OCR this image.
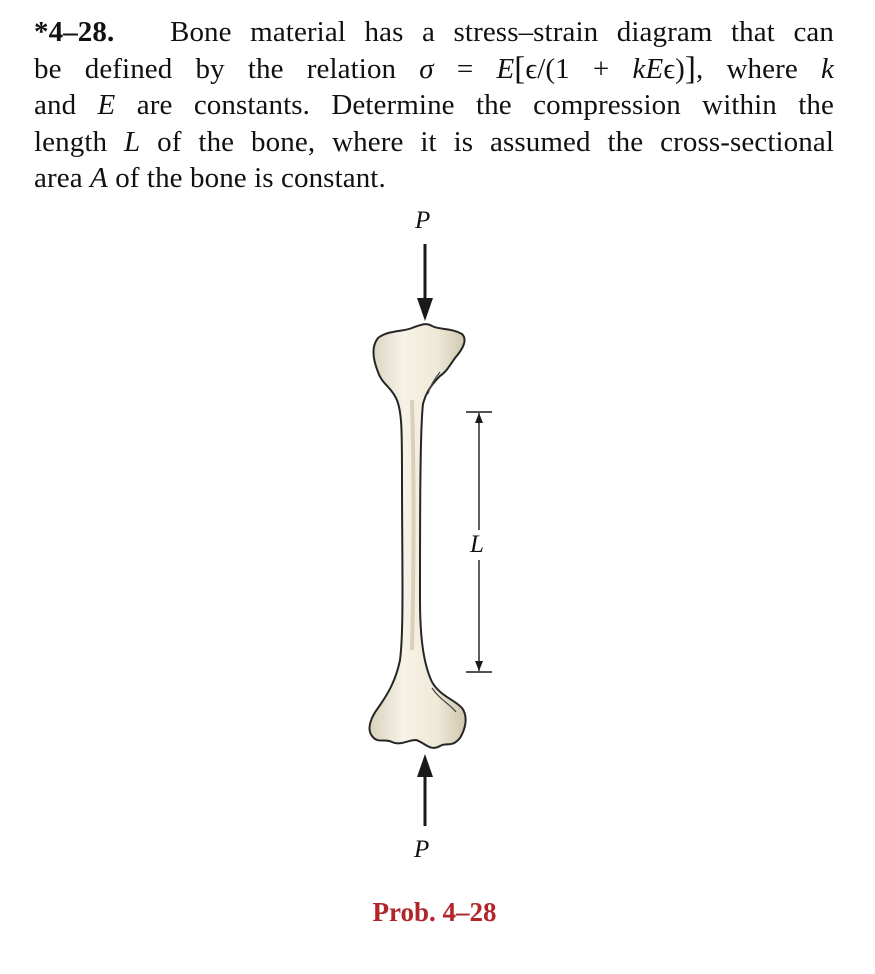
*4–28. Bone material has a stress–strain diagram that can
be defined by the relation σ = E[ϵ/(1 + kEϵ)], where k
and E are constants. Determine the compression within the
length L of the bone, where it is assumed the cross-sectional
area A of the bone is constant.
P
P
L
Prob. 4–28
